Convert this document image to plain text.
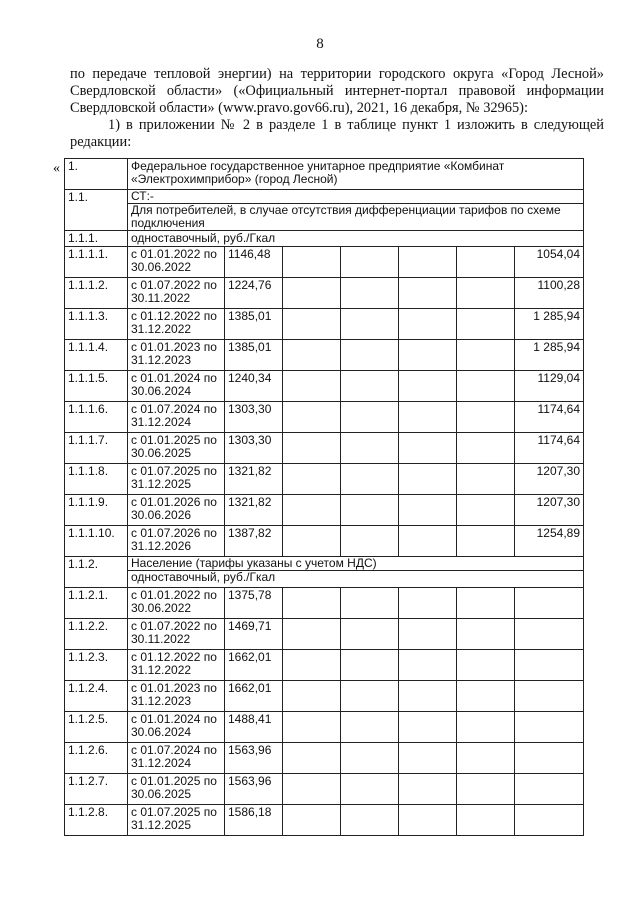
8
по передаче тепловой энергии) на территории городского округа «Город Лесной»
Свердловской области» («Официальный интернет-портал правовой информации
Свердловской области» (www.pravo.gov66.ru), 2021, 16 декабря, № 32965):
1) в приложении № 2 в разделе 1 в таблице пункт 1 изложить в следующей
редакции:
« 1.	Федеральное государственное унитарное предприятие «Комбинат «Электрохимприбор» (город Лесной)						
1.1.	СТ:-
Для потребителей, в случае отсутствия дифференциации тарифов по схеме подключения						

1.1.1.	одноставочный, руб./Гкал						
1.1.1.1.	с 01.01.2022 по 30.06.2022	1146,48					1054,04
1.1.1.2.	с 01.07.2022 по 30.11.2022	1224,76					1100,28
1.1.1.3.	с 01.12.2022 по 31.12.2022	1385,01					1 285,94
1.1.1.4.	с 01.01.2023 по 31.12.2023	1385,01					1 285,94
1.1.1.5.	с 01.01.2024 по 30.06.2024	1240,34					1129,04
1.1.1.6.	с 01.07.2024 по 31.12.2024	1303,30					1174,64
1.1.1.7.	с 01.01.2025 по 30.06.2025	1303,30					1174,64
1.1.1.8.	с 01.07.2025 по 31.12.2025	1321,82					1207,30
1.1.1.9.	с 01.01.2026 по 30.06.2026	1321,82					1207,30
1.1.1.10.	с 01.07.2026 по 31.12.2026	1387,82					1254,89
1.1.2.	Население (тарифы указаны с учетом НДС)
одноставочный, руб./Гкал						

1.1.2.1.	с 01.01.2022 по 30.06.2022	1375,78					
1.1.2.2.	с 01.07.2022 по 30.11.2022	1469,71					
1.1.2.3.	с 01.12.2022 по 31.12.2022	1662,01					
1.1.2.4.	с 01.01.2023 по 31.12.2023	1662,01					
1.1.2.5.	с 01.01.2024 по 30.06.2024	1488,41					
1.1.2.6.	с 01.07.2024 по 31.12.2024	1563,96					
1.1.2.7.	с 01.01.2025 по 30.06.2025	1563,96					
1.1.2.8.	с 01.07.2025 по 31.12.2025	1586,18					
